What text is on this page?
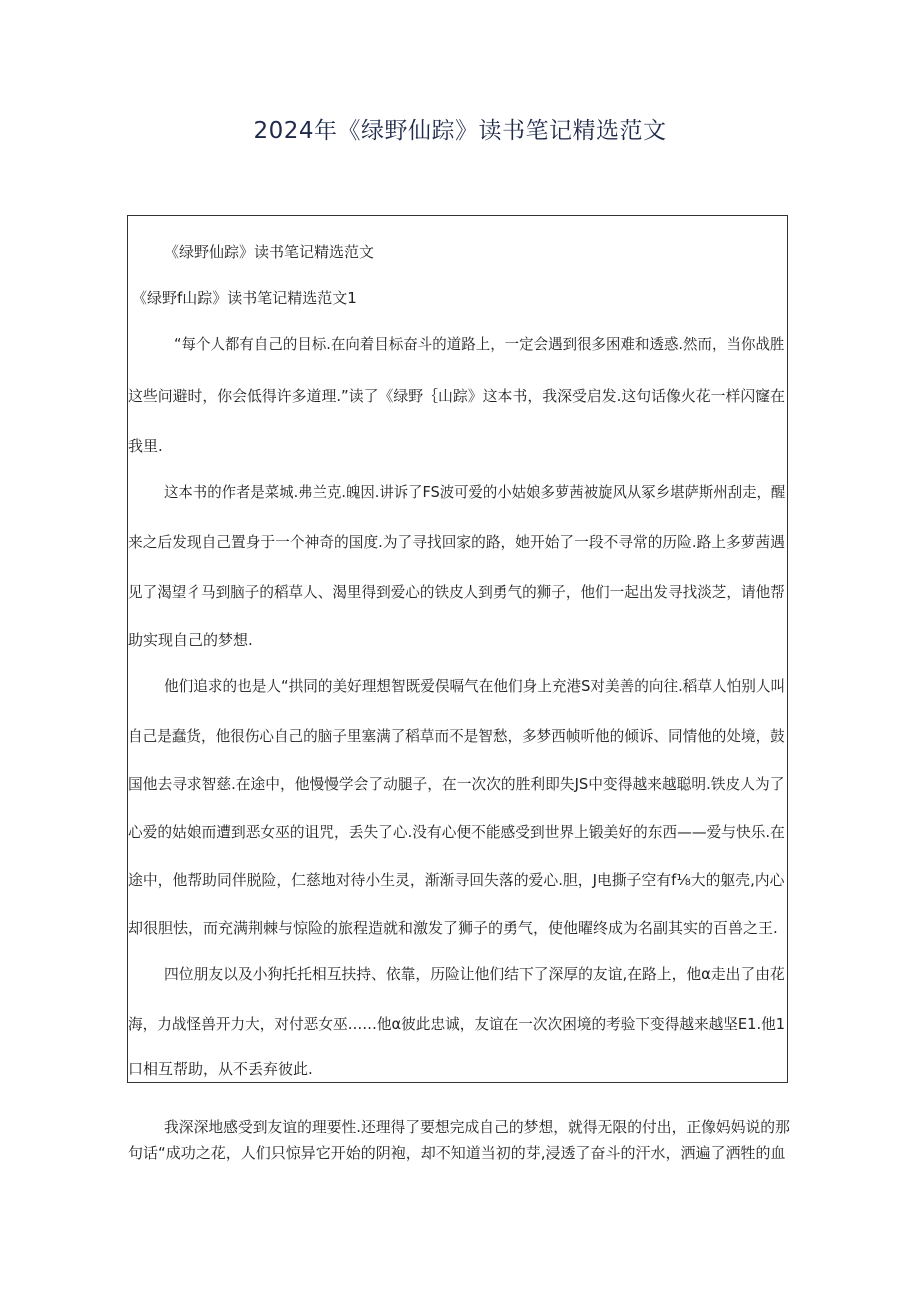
2024年《绿野仙踪》读书笔记精选范文
《绿野仙踪》读书笔记精选范文
《绿野f山踪》读书笔记精选范文1
“每个人都有自己的目标.在向着目标奋斗的道路上，一定会遇到很多困难和透惑.然而，当你战胜
这些问避时，你会低得许多道理.”读了《绿野｛山踪》这本书，我深受启发.这句话像火花一样闪窿在
我里.
这本书的作者是菜城.弗兰克.魄因.讲诉了FS波可爱的小姑娘多萝茜被旋风从冢乡堪萨斯州刮走，醒
来之后发现自己置身于一个神奇的国度.为了寻找回家的路，她开始了一段不寻常的历险.路上多萝茜遇
见了渴望彳马到脑子的稻草人、渴里得到爱心的铁皮人到勇气的狮子，他们一起出发寻找淡芝，请他帮
助实现自己的梦想.
他们追求的也是人“拱同的美好理想智既爱俣嗝气在他们身上充港S对美善的向往.稻草人怕别人叫
自己是蠢货，他很伤心自己的脑子里塞满了稻草而不是智愁，多梦西帧听他的倾诉、同情他的处境，鼓
国他去寻求智慈.在途中，他慢慢学会了动腿子，在一次次的胜利即失JS中变得越来越聪明.铁皮人为了
心爱的姑娘而遭到恶女巫的诅咒，丢失了心.没有心便不能感受到世界上锻美好的东西——爱与快乐.在
途中，他帮助同伴脱险，仁慈地对待小生灵，渐渐寻回失落的爱心.胆，J电撕子空有f⅛大的躯壳,内心
却很胆怯，而充满荆棘与惊险的旅程造就和激发了狮子的勇气，使他曜终成为名副其实的百兽之王.
四位朋友以及小狗托托相互扶持、依靠，历险让他们结下了深厚的友谊,在路上，他α走出了由花
海，力战怪兽开力大，对付恶女巫……他α彼此忠诚，友谊在一次次困境的考验下变得越来越坚E1.他1
口相互帮助，从不丢弃彼此.
我深深地感受到友谊的理要性.还理得了要想完成自己的梦想，就得无限的付出，正像妈妈说的那
句话“成功之花，人们只惊异它开始的阴袍，却不知道当初的芽,浸透了奋斗的汗水，洒遍了洒牲的血
